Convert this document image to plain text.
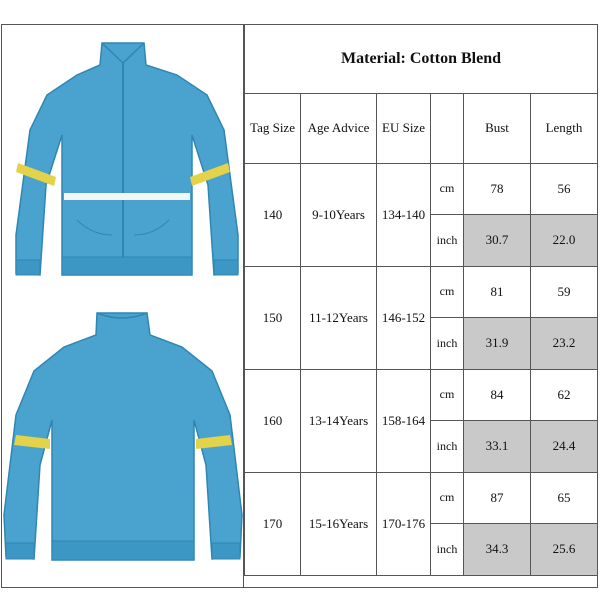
Material: Cotton Blend					
Tag Size	Age Advice	EU Size		Bust	Length
140	9-10Years	134-140	cm	78	56
			inch	30.7	22.0
150	11-12Years	146-152	cm	81	59
			inch	31.9	23.2
160	13-14Years	158-164	cm	84	62
			inch	33.1	24.4
170	15-16Years	170-176	cm	87	65
			inch	34.3	25.6
